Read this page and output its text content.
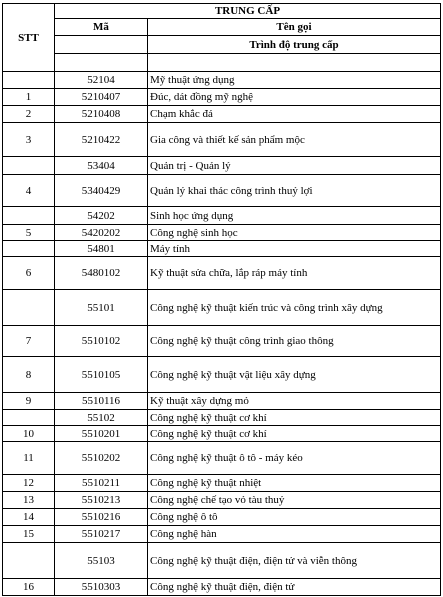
STT	TRUNG CẤP	
	Mã	Tên gọi
		Trình độ trung cấp

	52104	Mỹ thuật ứng dụng
1	5210407	Đúc, dát đồng mỹ nghệ
2	5210408	Chạm khắc đá
3	5210422	Gia công và thiết kế sản phẩm mộc
	53404	Quản trị - Quản lý
4	5340429	Quản lý khai thác công trình thuỷ lợi
	54202	Sinh học ứng dụng
5	5420202	Công nghệ sinh học
	54801	Máy tính
6	5480102	Kỹ thuật sửa chữa, lắp ráp máy tính
	55101	Công nghệ kỹ thuật kiến trúc và công trình xây dựng
7	5510102	Công nghệ kỹ thuật công trình giao thông
8	5510105	Công nghệ kỹ thuật vật liệu xây dựng
9	5510116	Kỹ thuật xây dựng mỏ
	55102	Công nghệ kỹ thuật cơ khí
10	5510201	Công nghệ kỹ thuật cơ khí
11	5510202	Công nghệ kỹ thuật ô tô - máy kéo
12	5510211	Công nghệ kỹ thuật nhiệt
13	5510213	Công nghệ chế tạo vỏ tàu thuỷ
14	5510216	Công nghệ ô tô
15	5510217	Công nghệ hàn
	55103	Công nghệ kỹ thuật điện, điện tử và viễn thông
16	5510303	Công nghệ kỹ thuật điện, điện tử
